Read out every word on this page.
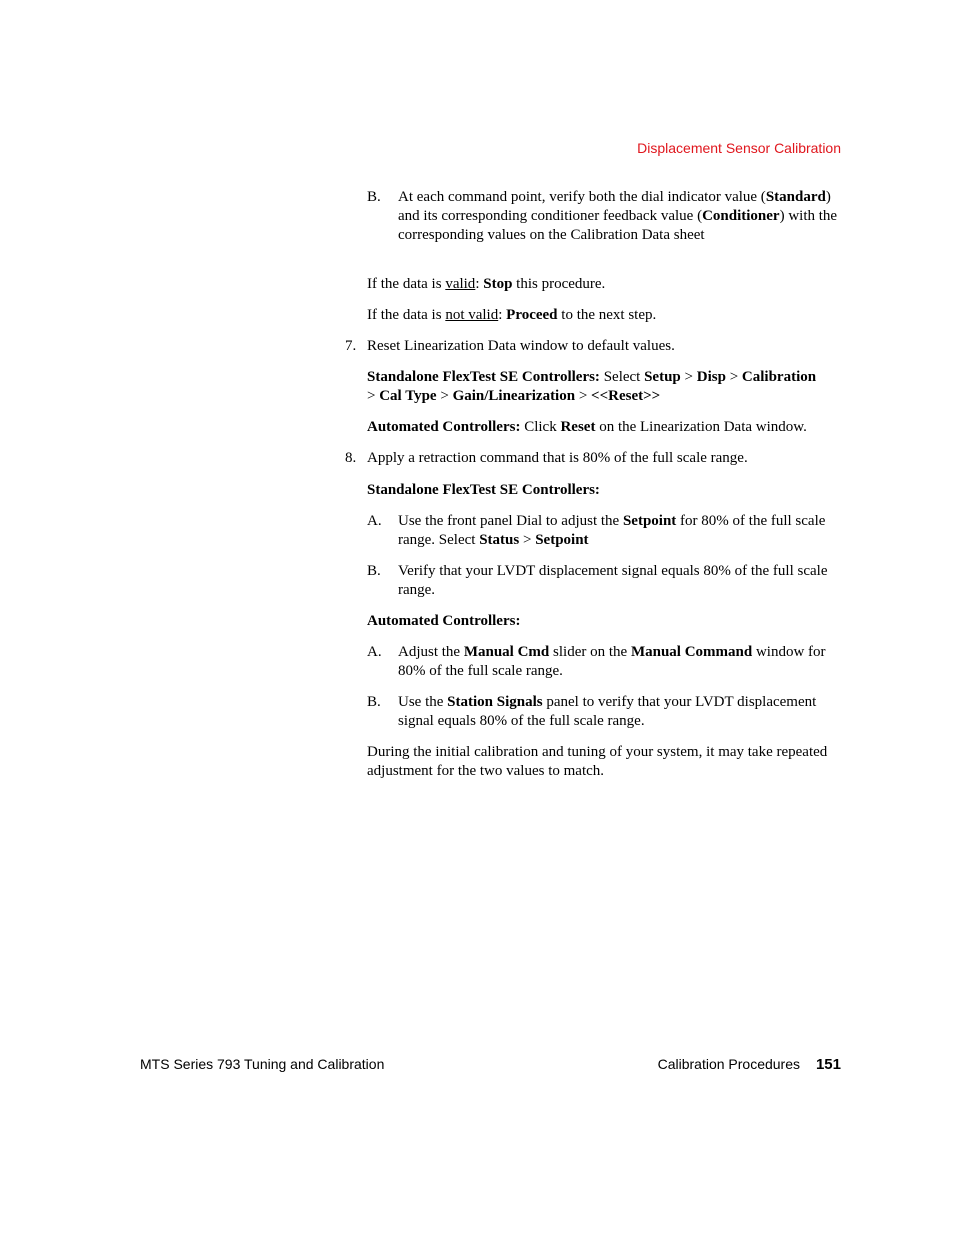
Displacement Sensor Calibration
B. At each command point, verify both the dial indicator value (Standard) and its corresponding conditioner feedback value (Conditioner) with the corresponding values on the Calibration Data sheet
If the data is valid: Stop this procedure.
If the data is not valid: Proceed to the next step.
7. Reset Linearization Data window to default values.
Standalone FlexTest SE Controllers: Select Setup > Disp > Calibration
> Cal Type > Gain/Linearization > <<Reset>>
Automated Controllers: Click Reset on the Linearization Data window.
8. Apply a retraction command that is 80% of the full scale range.
Standalone FlexTest SE Controllers:
A. Use the front panel Dial to adjust the Setpoint for 80% of the full scale range. Select Status > Setpoint
B. Verify that your LVDT displacement signal equals 80% of the full scale range.
Automated Controllers:
A. Adjust the Manual Cmd slider on the Manual Command window for 80% of the full scale range.
B. Use the Station Signals panel to verify that your LVDT displacement signal equals 80% of the full scale range.
During the initial calibration and tuning of your system, it may take repeated adjustment for the two values to match.
MTS Series 793 Tuning and Calibration	Calibration Procedures 151
